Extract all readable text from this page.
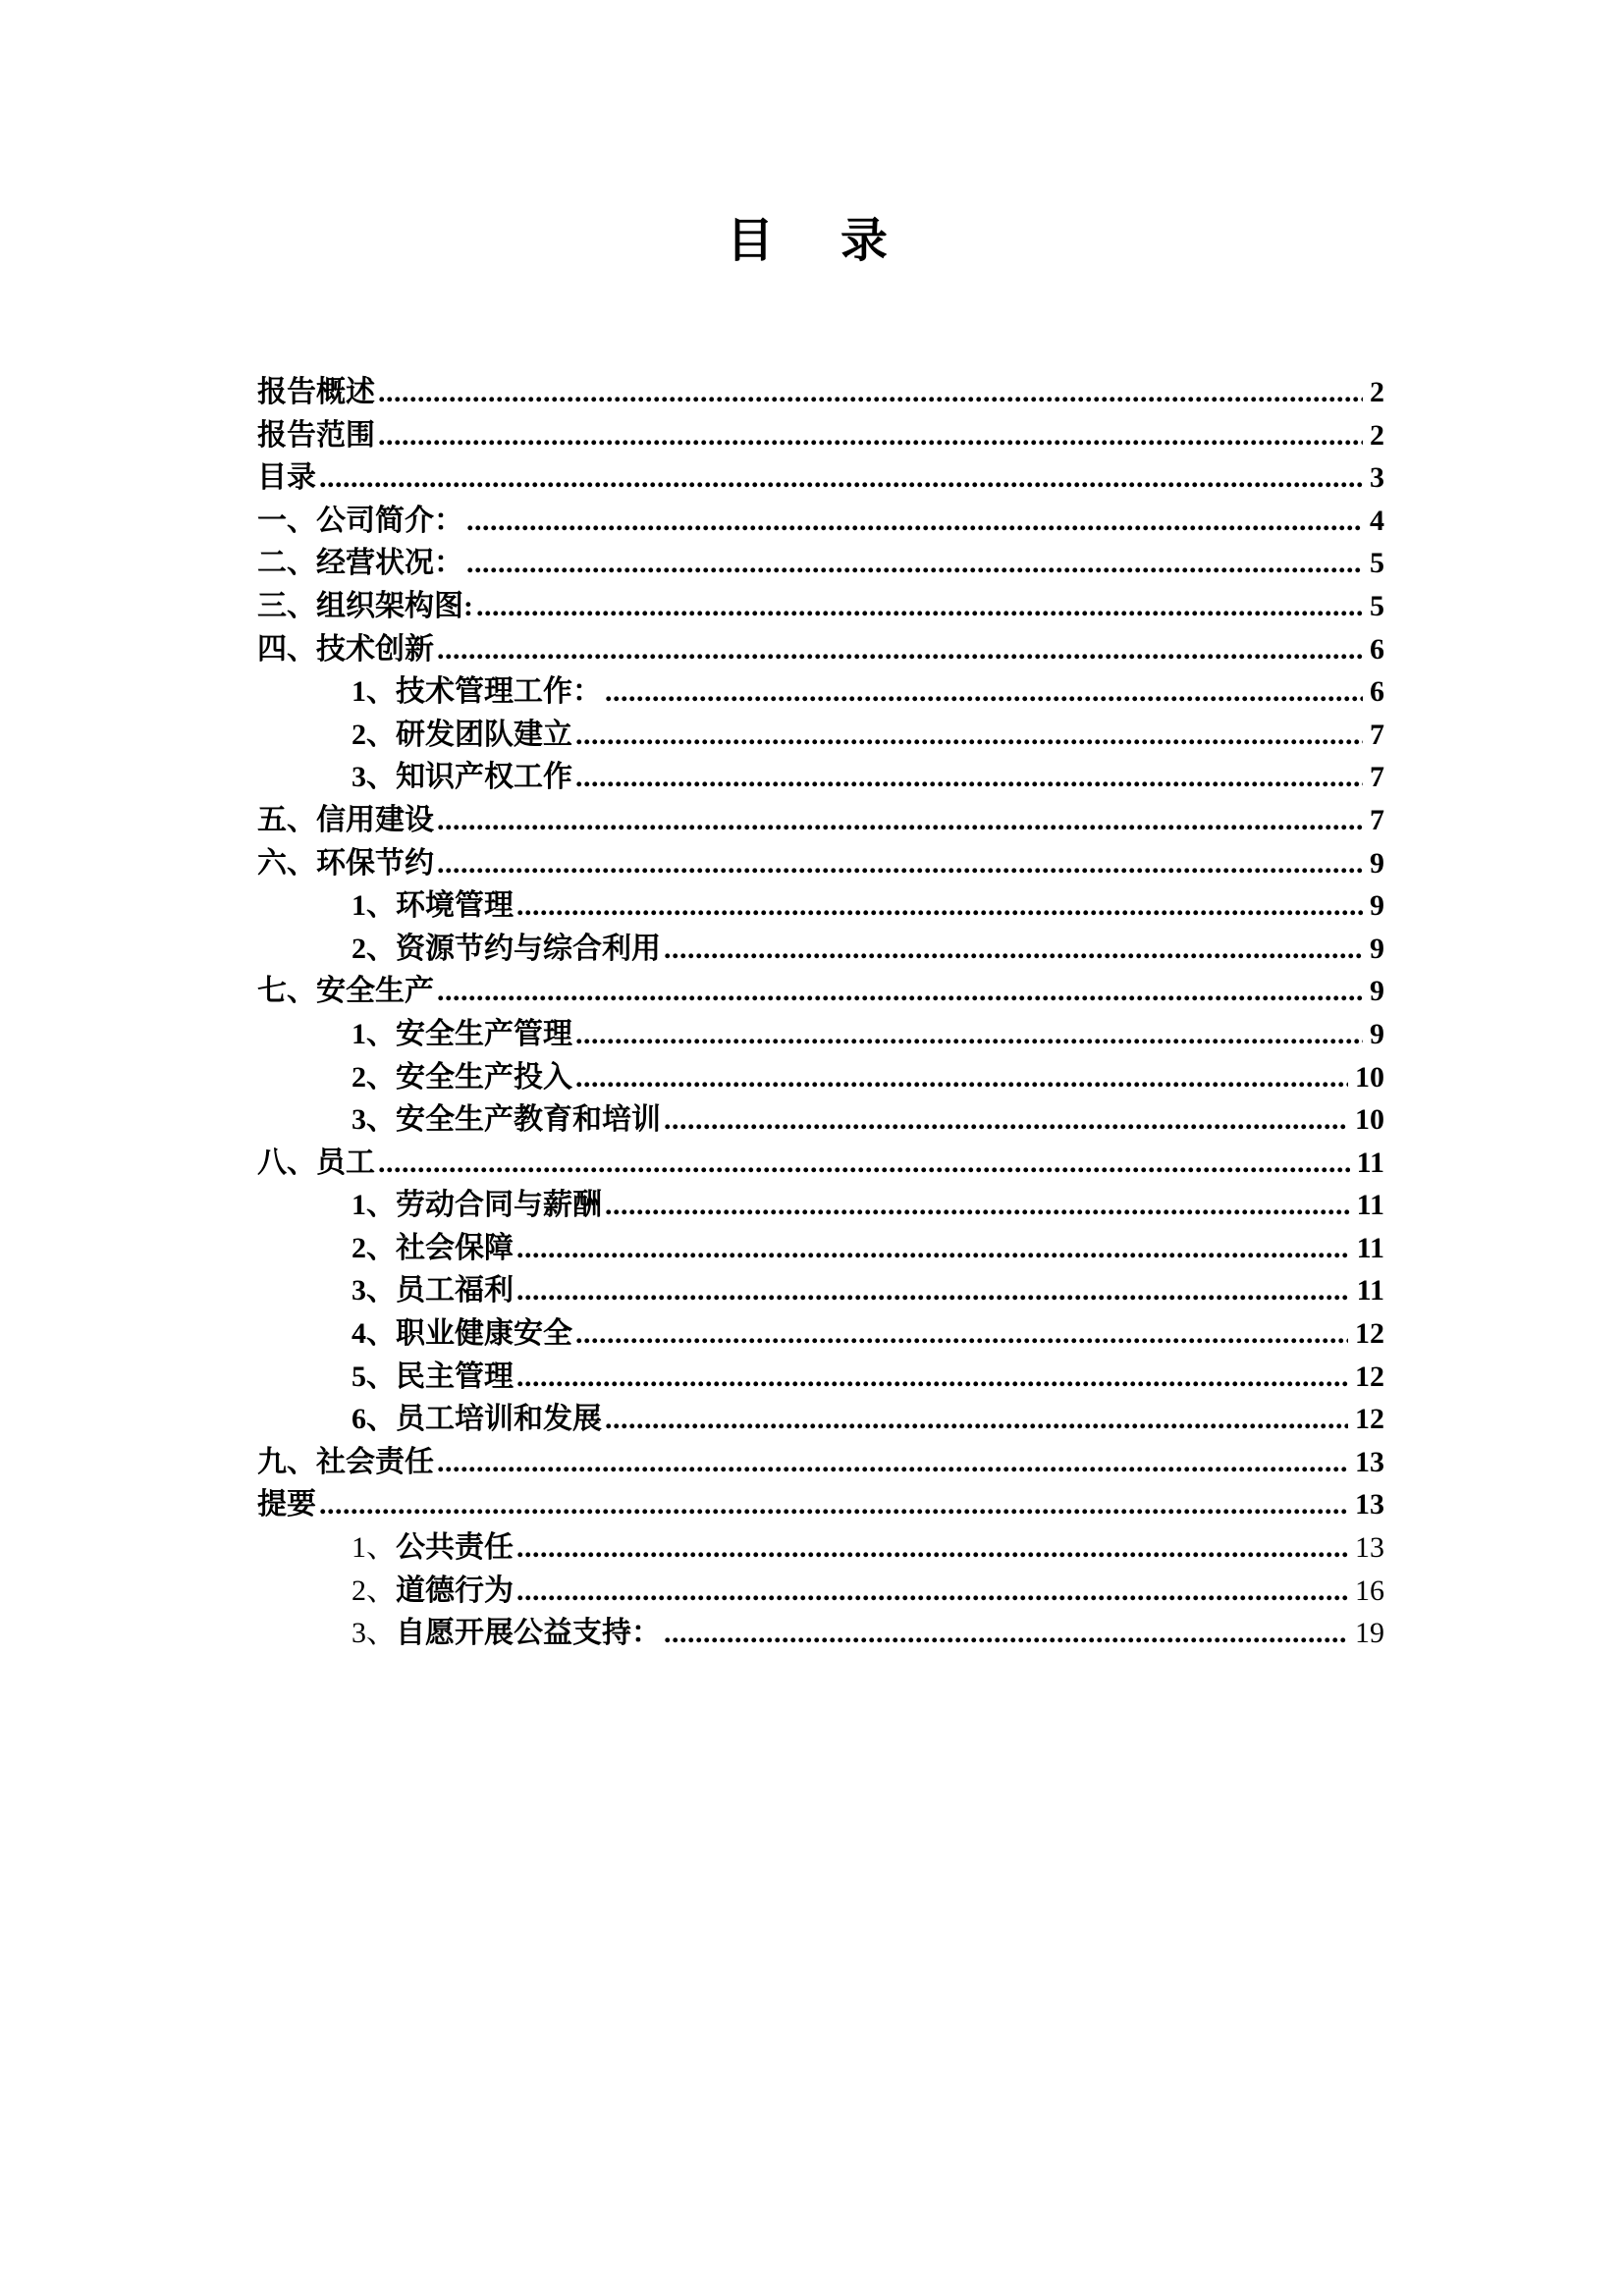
目　录
报告概述 .....	2
报告范围 .....	2
目录 .....	3
一、公司简介： .....	4
二、经营状况： .....	5
三、组织架构图: .....	5
四、技术创新 .....	6
1、 技术管理工作： .....	6
2、 研发团队建立 .....	7
3、 知识产权工作 .....	7
五、信用建设 .....	7
六、环保节约 .....	9
1、 环境管理 .....	9
2、 资源节约与综合利用 .....	9
七、安全生产 .....	9
1、 安全生产管理 .....	9
2、 安全生产投入 .....	10
3、 安全生产教育和培训 .....	10
八、员工 .....	11
1、 劳动合同与薪酬 .....	11
2、 社会保障 .....	11
3、 员工福利 .....	11
4、 职业健康安全 .....	12
5、 民主管理 .....	12
6、 员工培训和发展 .....	12
九、社会责任 .....	13
提要 .....	13
1、 公共责任 .....	13
2、 道德行为 .....	16
3、 自愿开展公益支持： .....	19
